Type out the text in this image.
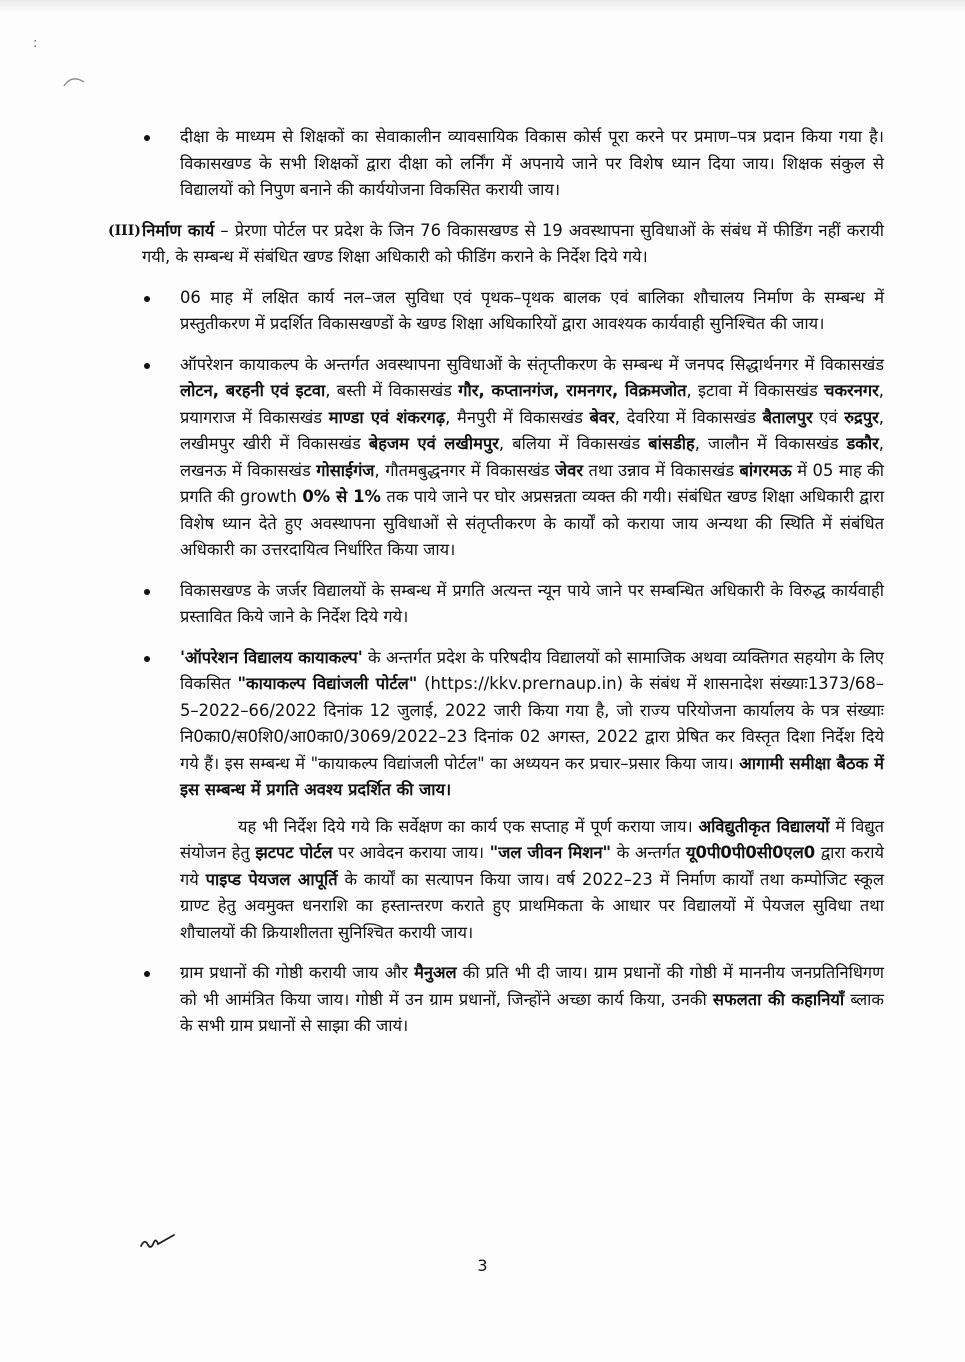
:

दीक्षा के माध्यम से शिक्षकों का सेवाकालीन व्यावसायिक विकास कोर्स पूरा करने पर प्रमाण–पत्र प्रदान किया गया है। विकासखण्ड के सभी शिक्षकों द्वारा दीक्षा को लर्निंग में अपनाये जाने पर विशेष ध्यान दिया जाय। शिक्षक संकुल से विद्यालयों को निपुण बनाने की कार्ययोजना विकसित करायी जाय।

(III) निर्माण कार्य – प्रेरणा पोर्टल पर प्रदेश के जिन 76 विकासखण्ड से 19 अवस्थापना सुविधाओं के संबंध में फीडिंग नहीं करायी गयी, के सम्बन्ध में संबंधित खण्ड शिक्षा अधिकारी को फीडिंग कराने के निर्देश दिये गये।

06 माह में लक्षित कार्य नल–जल सुविधा एवं पृथक–पृथक बालक एवं बालिका शौचालय निर्माण के सम्बन्ध में प्रस्तुतीकरण में प्रदर्शित विकासखण्डों के खण्ड शिक्षा अधिकारियों द्वारा आवश्यक कार्यवाही सुनिश्चित की जाय।

ऑपरेशन कायाकल्प के अन्तर्गत अवस्थापना सुविधाओं के संतृप्तीकरण के सम्बन्ध में जनपद सिद्धार्थनगर में विकासखंड लोटन, बरहनी एवं इटवा, बस्ती में विकासखंड गौर, कप्तानगंज, रामनगर, विक्रमजोत, इटावा में विकासखंड चकरनगर, प्रयागराज में विकासखंड माण्डा एवं शंकरगढ़, मैनपुरी में विकासखंड बेवर, देवरिया में विकासखंड बैतालपुर एवं रुद्रपुर, लखीमपुर खीरी में विकासखंड बेहजम एवं लखीमपुर, बलिया में विकासखंड बांसडीह, जालौन में विकासखंड डकौर, लखनऊ में विकासखंड गोसाईगंज, गौतमबुद्धनगर में विकासखंड जेवर तथा उन्नाव में विकासखंड बांगरमऊ में 05 माह की प्रगति की growth 0% से 1% तक पाये जाने पर घोर अप्रसन्नता व्यक्त की गयी। संबंधित खण्ड शिक्षा अधिकारी द्वारा विशेष ध्यान देते हुए अवस्थापना सुविधाओं से संतृप्तीकरण के कार्यों को कराया जाय अन्यथा की स्थिति में संबंधित अधिकारी का उत्तरदायित्व निर्धारित किया जाय।

विकासखण्ड के जर्जर विद्यालयों के सम्बन्ध में प्रगति अत्यन्त न्यून पाये जाने पर सम्बन्धित अधिकारी के विरुद्ध कार्यवाही प्रस्तावित किये जाने के निर्देश दिये गये।

'ऑपरेशन विद्यालय कायाकल्प' के अन्तर्गत प्रदेश के परिषदीय विद्यालयों को सामाजिक अथवा व्यक्तिगत सहयोग के लिए विकसित "कायाकल्प विद्यांजली पोर्टल" (https://kkv.prernaup.in) के संबंध में शासनादेश संख्याः1373/68–5–2022–66/2022 दिनांक 12 जुलाई, 2022 जारी किया गया है, जो राज्य परियोजना कार्यालय के पत्र संख्याः नि0का0/स0शि0/आ0का0/3069/2022–23 दिनांक 02 अगस्त, 2022 द्वारा प्रेषित कर विस्तृत दिशा निर्देश दिये गये हैं। इस सम्बन्ध में "कायाकल्प विद्यांजली पोर्टल" का अध्ययन कर प्रचार–प्रसार किया जाय। आगामी समीक्षा बैठक में इस सम्बन्ध में प्रगति अवश्य प्रदर्शित की जाय।

यह भी निर्देश दिये गये कि सर्वेक्षण का कार्य एक सप्ताह में पूर्ण कराया जाय। अविद्युतीकृत विद्यालयों में विद्युत संयोजन हेतु झटपट पोर्टल पर आवेदन कराया जाय। "जल जीवन मिशन" के अन्तर्गत यू0पी0पी0सी0एल0 द्वारा कराये गये पाइप्ड पेयजल आपूर्ति के कार्यों का सत्यापन किया जाय। वर्ष 2022–23 में निर्माण कार्यों तथा कम्पोजिट स्कूल ग्राण्ट हेतु अवमुक्त धनराशि का हस्तान्तरण कराते हुए प्राथमिकता के आधार पर विद्यालयों में पेयजल सुविधा तथा शौचालयों की क्रियाशीलता सुनिश्चित करायी जाय।

ग्राम प्रधानों की गोष्ठी करायी जाय और मैनुअल की प्रति भी दी जाय। ग्राम प्रधानों की गोष्ठी में माननीय जनप्रतिनिधिगण को भी आमंत्रित किया जाय। गोष्ठी में उन ग्राम प्रधानों, जिन्होंने अच्छा कार्य किया, उनकी सफलता की कहानियाँ ब्लाक के सभी ग्राम प्रधानों से साझा की जायं।

3
